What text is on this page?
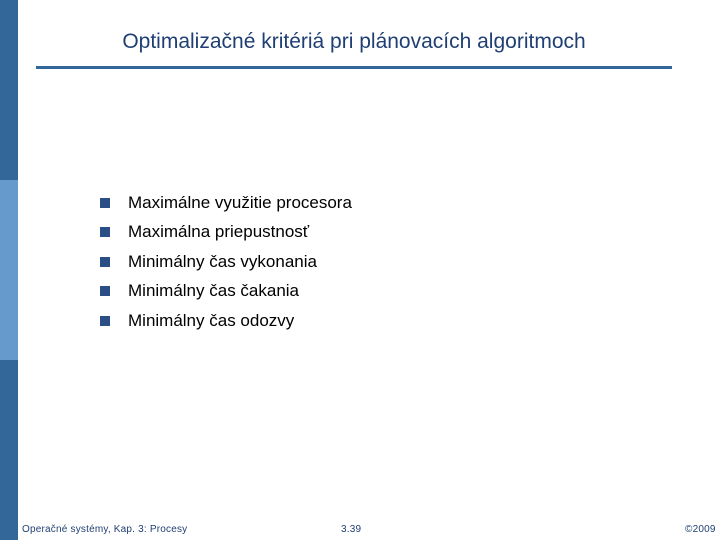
Optimalizačné kritériá pri plánovacích algoritmoch
Maximálne využitie procesora
Maximálna priepustnosť
Minimálny čas vykonania
Minimálny čas čakania
Minimálny čas odozvy
Operačné systémy, Kap. 3: Procesy	3.39	©2009
